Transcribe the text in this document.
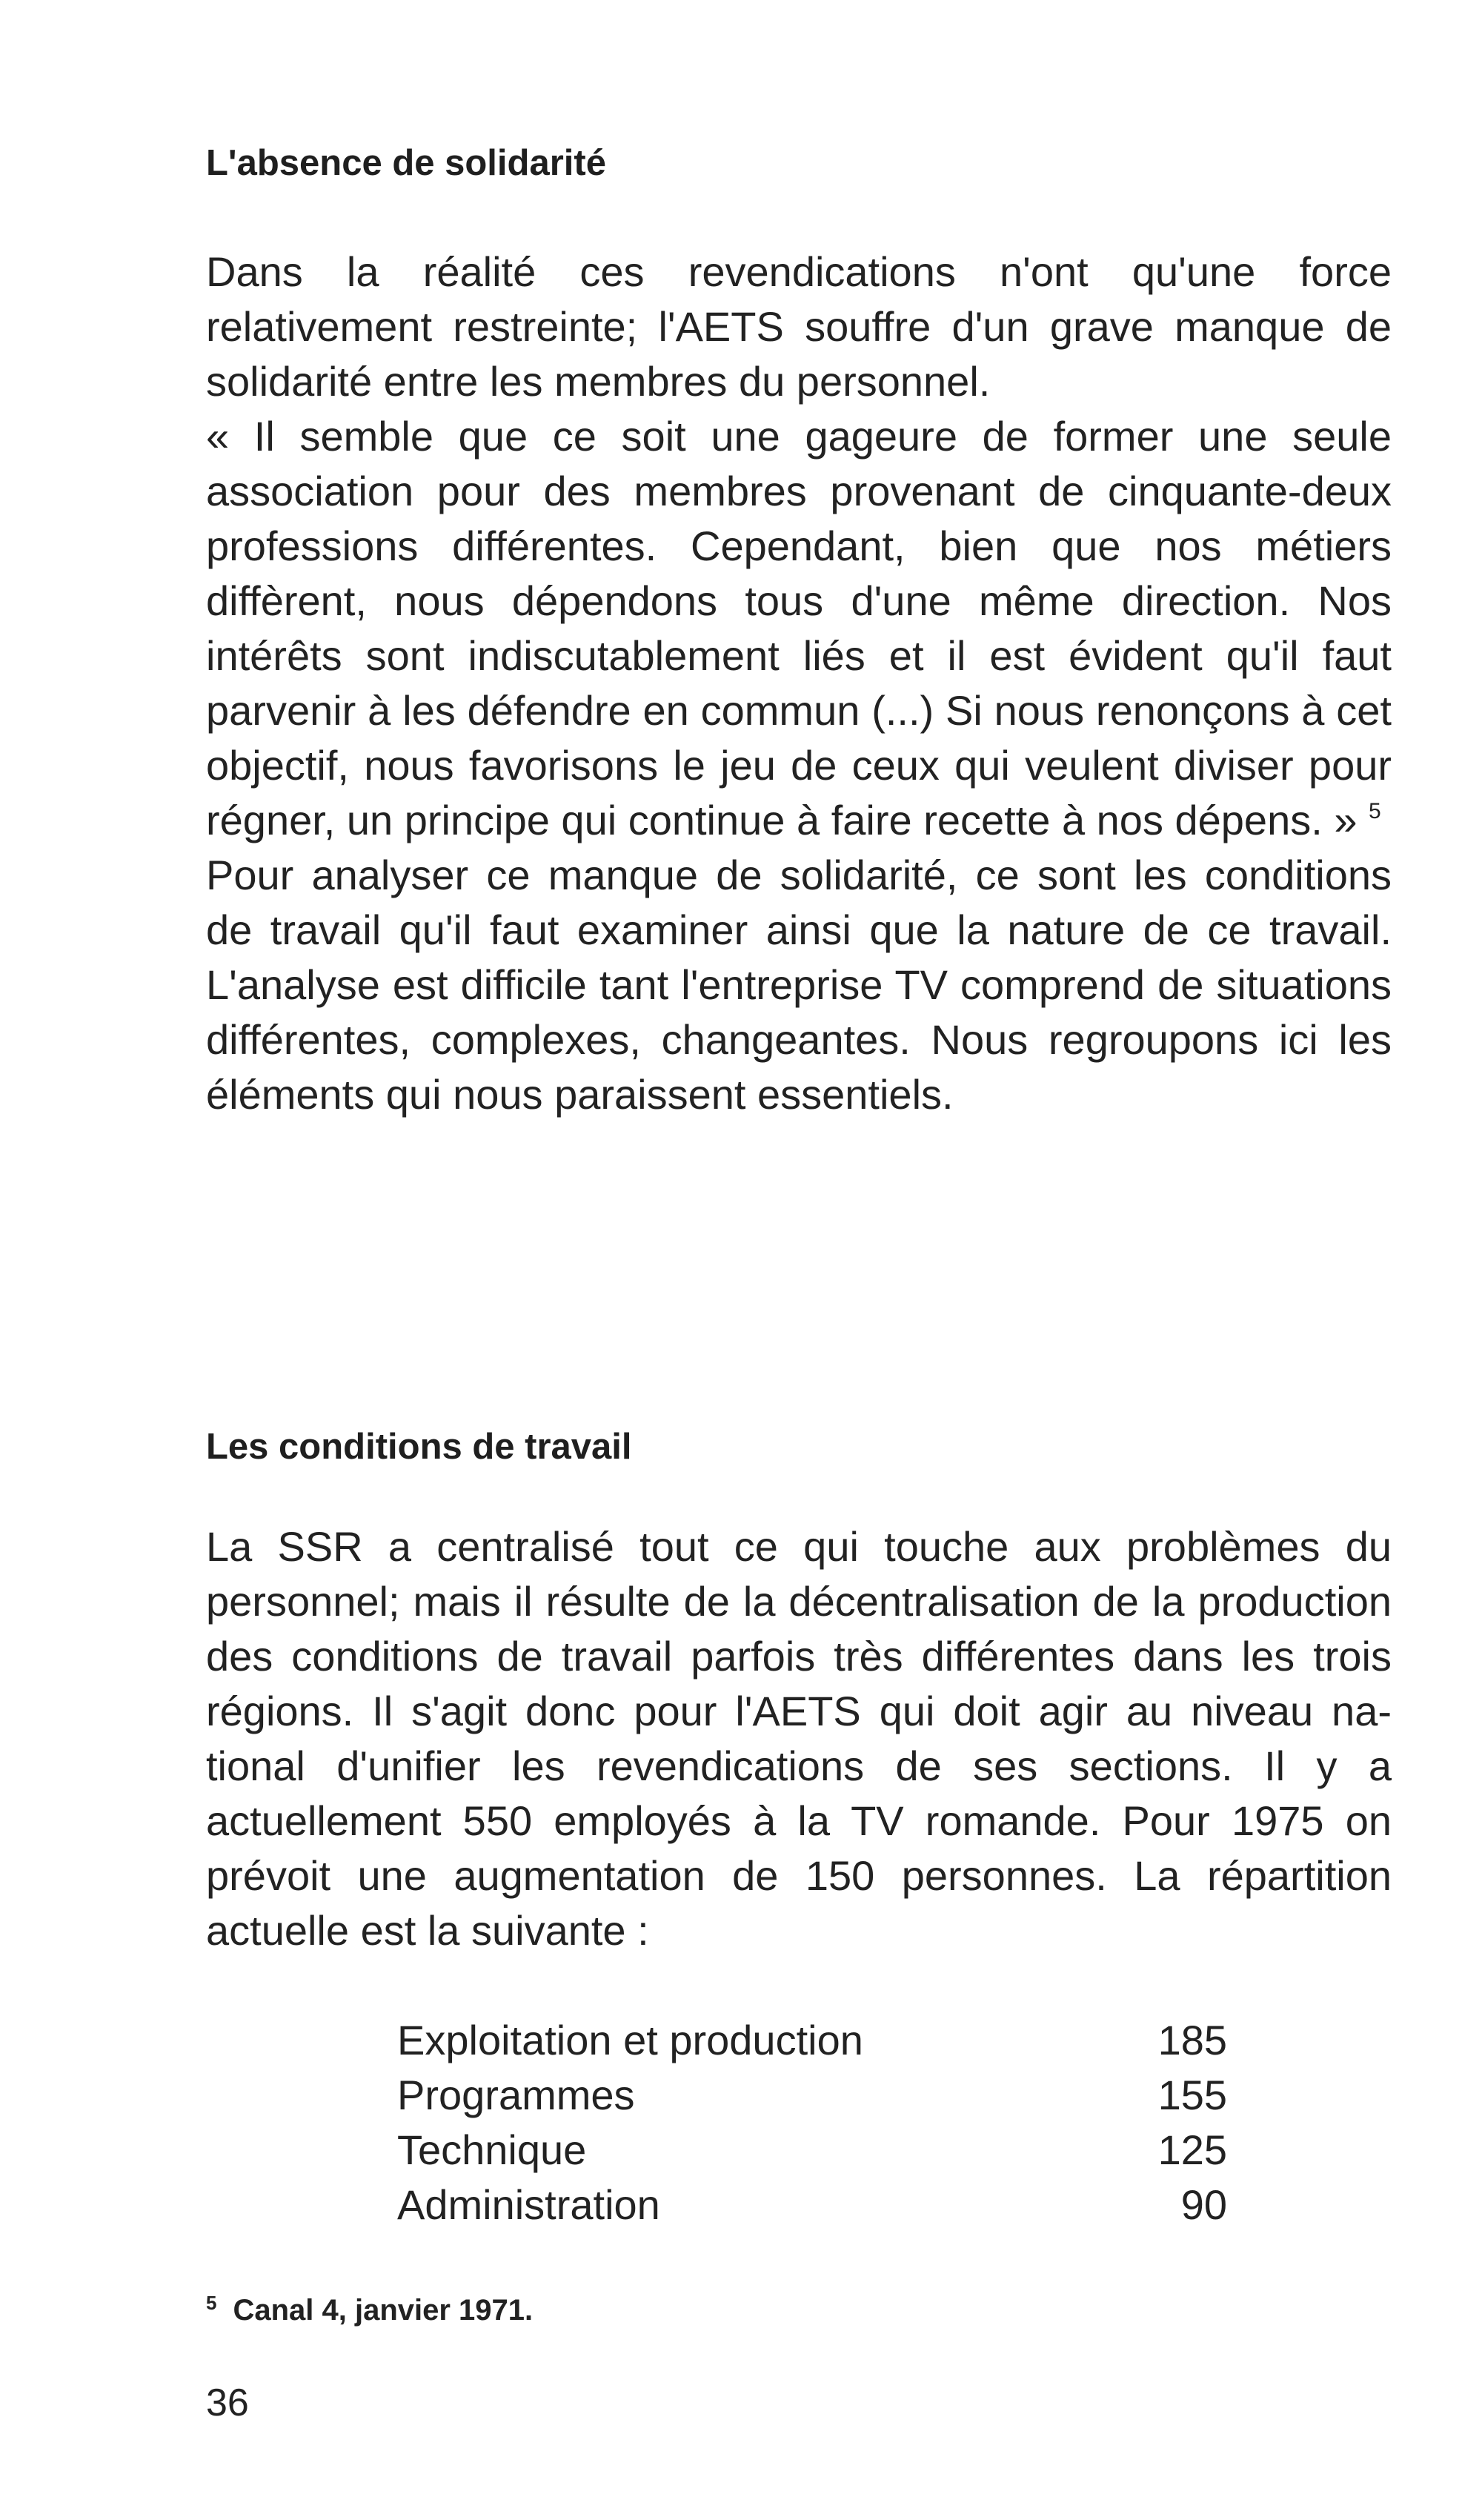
L'absence de solidarité

Dans la réalité ces revendications n'ont qu'une force relativement restreinte; l'AETS souffre d'un grave manque de solidarité entre les membres du personnel.

« Il semble que ce soit une gageure de former une seule association pour des membres provenant de cinquante-deux professions différentes. Cependant, bien que nos métiers diffèrent, nous dépendons tous d'une même direction. Nos intérêts sont indiscutablement liés et il est évident qu'il faut parvenir à les défendre en commun (...) Si nous renonçons à cet objectif, nous favorisons le jeu de ceux qui veulent diviser pour régner, un principe qui continue à faire recette à nos dépens. » $^5$

Pour analyser ce manque de solidarité, ce sont les conditions de travail qu'il faut examiner ainsi que la nature de ce travail. L'analyse est difficile tant l'entreprise TV comprend de situations différentes, complexes, changeantes. Nous regroupons ici les éléments qui nous paraissent essentiels.

Les conditions de travail

La SSR a centralisé tout ce qui touche aux problèmes du personnel; mais il résulte de la décentralisation de la production des conditions de travail parfois très différentes dans les trois régions. Il s'agit donc pour l'AETS qui doit agir au niveau national d'unifier les revendications de ses sections. Il y a actuellement 550 employés à la TV romande. Pour 1975 on prévoit une augmentation de 150 personnes. La répartition actuelle est la suivante :

Exploitation et production	185
Programmes	155
Technique	125
Administration	90

$^5$ Canal 4, janvier 1971.

36
